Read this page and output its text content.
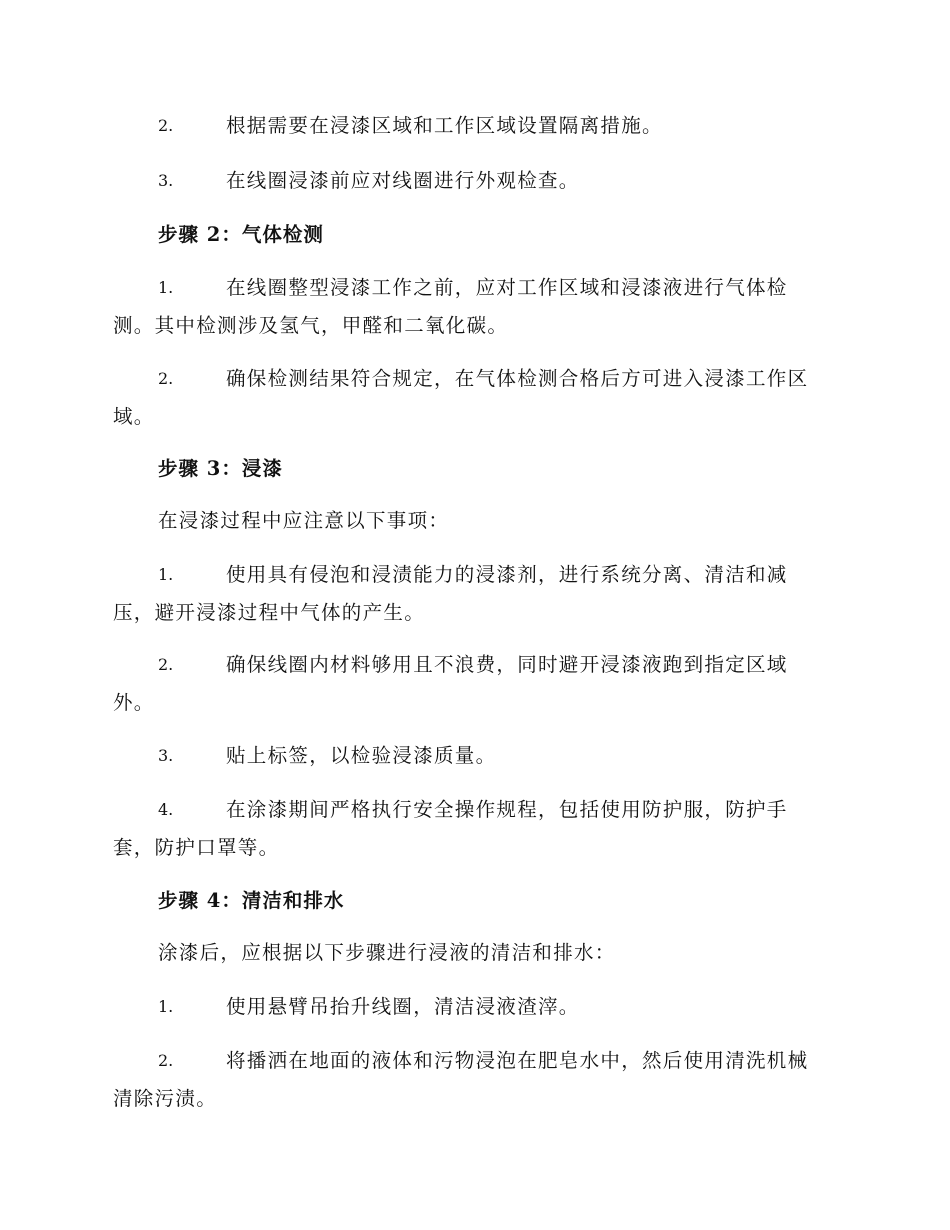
2.	根据需要在浸漆区域和工作区域设置隔离措施。
3.	在线圈浸漆前应对线圈进行外观检查。
步骤 2：气体检测
1.	在线圈整型浸漆工作之前，应对工作区域和浸漆液进行气体检
测。其中检测涉及氢气，甲醛和二氧化碳。
2.	确保检测结果符合规定，在气体检测合格后方可进入浸漆工作区
域。
步骤 3：浸漆
在浸漆过程中应注意以下事项：
1.	使用具有侵泡和浸渍能力的浸漆剂，进行系统分离、清洁和减
压，避开浸漆过程中气体的产生。
2.	确保线圈内材料够用且不浪费，同时避开浸漆液跑到指定区域
外。
3.	贴上标签，以检验浸漆质量。
4.	在涂漆期间严格执行安全操作规程，包括使用防护服，防护手
套，防护口罩等。
步骤 4：清洁和排水
涂漆后，应根据以下步骤进行浸液的清洁和排水：
1.	使用悬臂吊抬升线圈，清洁浸液渣滓。
2.	将播洒在地面的液体和污物浸泡在肥皂水中，然后使用清洗机械
清除污渍。
